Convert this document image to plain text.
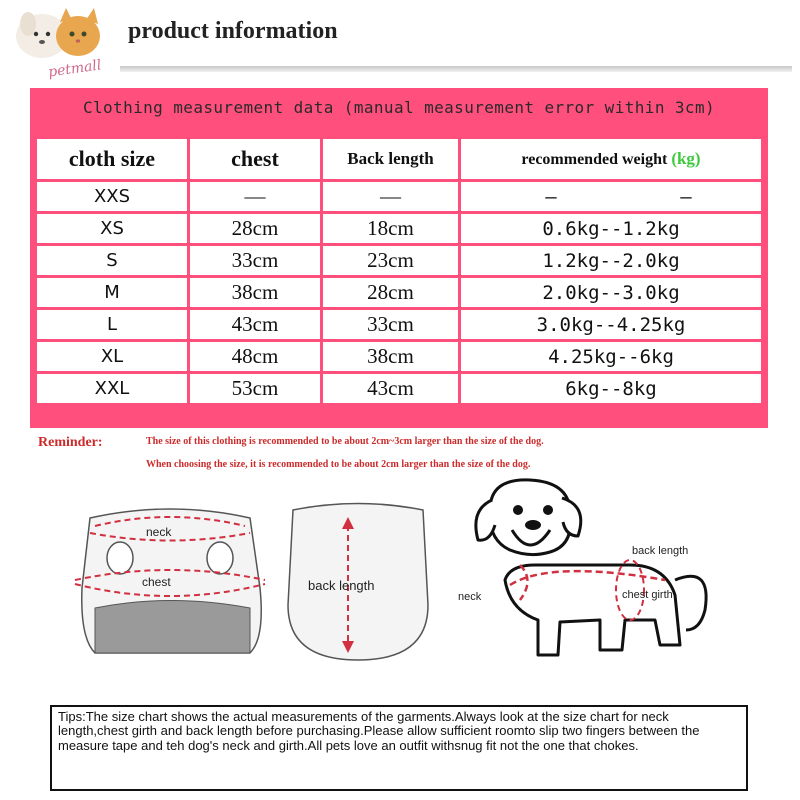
petmall
product information
Clothing measurement data (manual measurement error within 3cm)
cloth size	chest	Back length	recommended weight (kg)
XXS	—	—	— —
XS	28cm	18cm	0.6kg--1.2kg
S	33cm	23cm	1.2kg--2.0kg
M	38cm	28cm	2.0kg--3.0kg
L	43cm	33cm	3.0kg--4.25kg
XL	48cm	38cm	4.25kg--6kg
XXL	53cm	43cm	6kg--8kg
Reminder:	The size of this clothing is recommended to be about 2cm~3cm larger than the size of the dog.
When choosing the size, it is recommended to be about 2cm larger than the size of the dog.
neck
chest	back length
back length
neck	chest girth
Tips:The size chart shows the actual measurements of the garments.Always look at the size chart for neck length,chest girth and back length before purchasing.Please allow sufficient roomto slip two fingers between the measure tape and teh dog's neck and girth.All pets love an outfit withsnug fit not the one that chokes.
